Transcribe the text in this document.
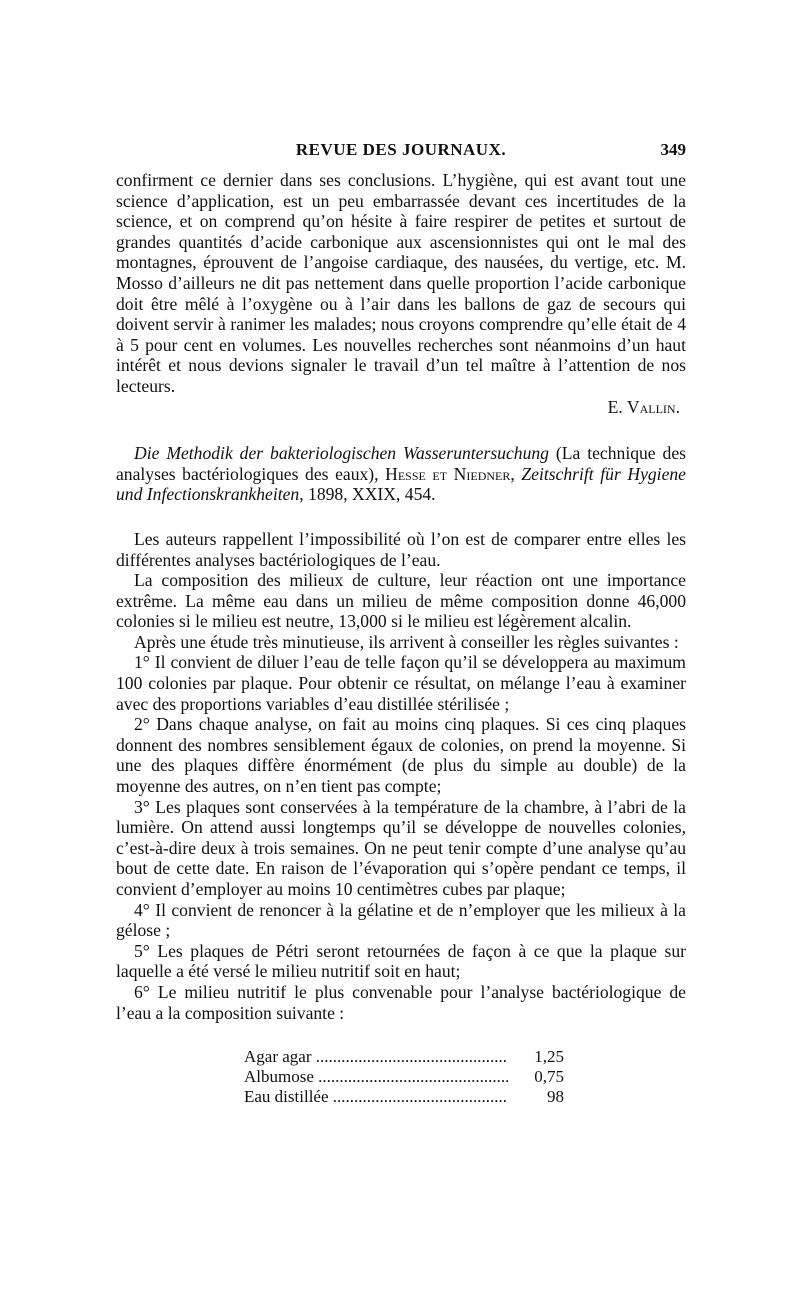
REVUE DES JOURNAUX.	349

confirment ce dernier dans ses conclusions. L’hygiène, qui est avant tout une science d’application, est un peu embarrassée devant ces incertitudes de la science, et on comprend qu’on hésite à faire respirer de petites et surtout de grandes quantités d’acide carbonique aux ascensionnistes qui ont le mal des montagnes, éprouvent de l’angoise cardiaque, des nausées, du vertige, etc. M. Mosso d’ailleurs ne dit pas nettement dans quelle proportion l’acide carbonique doit être mêlé à l’oxygène ou à l’air dans les ballons de gaz de secours qui doivent servir à ranimer les malades; nous croyons comprendre qu’elle était de 4 à 5 pour cent en volumes. Les nouvelles recherches sont néanmoins d’un haut intérêt et nous devions signaler le travail d’un tel maître à l’attention de nos lecteurs.

E. Vallin.

Die Methodik der bakteriologischen Wasseruntersuchung (La technique des analyses bactériologiques des eaux), Hesse et Niedner, Zeitschrift für Hygiene und Infectionskrankheiten, 1898, XXIX, 454.

Les auteurs rappellent l’impossibilité où l’on est de comparer entre elles les différentes analyses bactériologiques de l’eau.

La composition des milieux de culture, leur réaction ont une importance extrême. La même eau dans un milieu de même composition donne 46,000 colonies si le milieu est neutre, 13,000 si le milieu est légèrement alcalin.

Après une étude très minutieuse, ils arrivent à conseiller les règles suivantes :

1° Il convient de diluer l’eau de telle façon qu’il se développera au maximum 100 colonies par plaque. Pour obtenir ce résultat, on mélange l’eau à examiner avec des proportions variables d’eau distillée stérilisée ;

2° Dans chaque analyse, on fait au moins cinq plaques. Si ces cinq plaques donnent des nombres sensiblement égaux de colonies, on prend la moyenne. Si une des plaques diffère énormément (de plus du simple au double) de la moyenne des autres, on n’en tient pas compte;

3° Les plaques sont conservées à la température de la chambre, à l’abri de la lumière. On attend aussi longtemps qu’il se développe de nouvelles colonies, c’est-à-dire deux à trois semaines. On ne peut tenir compte d’une analyse qu’au bout de cette date. En raison de l’évaporation qui s’opère pendant ce temps, il convient d’employer au moins 10 centimètres cubes par plaque;

4° Il convient de renoncer à la gélatine et de n’employer que les milieux à la gélose ;

5° Les plaques de Pétri seront retournées de façon à ce que la plaque sur laquelle a été versé le milieu nutritif soit en haut;

6° Le milieu nutritif le plus convenable pour l’analyse bactériologique de l’eau a la composition suivante :

Agar agar .....	1,25
Albumose .....	0,75
Eau distillée .....	98
